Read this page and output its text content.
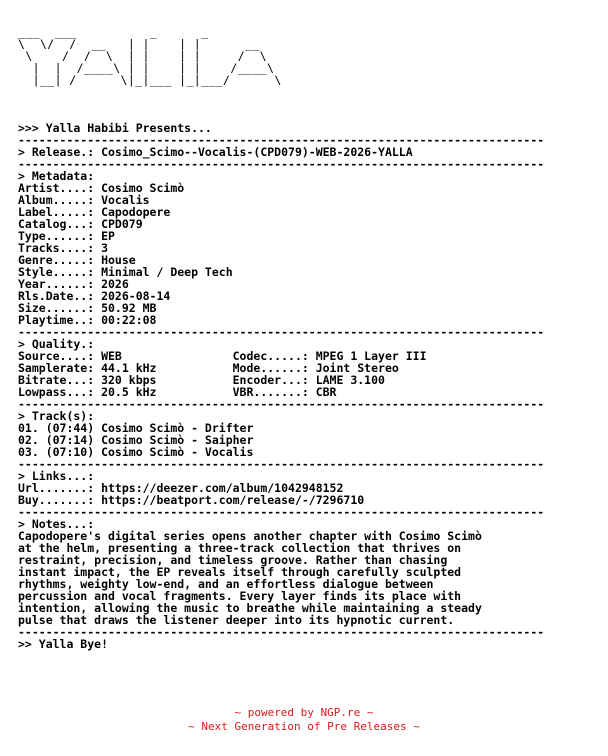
___  ___          _      _
\  \/  /  __   | |    | |      __
\    /  /  \  | |    | |     /  \
|  |  /____\ | |    | |    /____\
|__| /      \|_|___ |_|___/      \
>>> Yalla Habibi Presents...
----------------------------------------------------------------------------
> Release.: Cosimo_Scimo--Vocalis-(CPD079)-WEB-2026-YALLA
----------------------------------------------------------------------------
> Metadata:
Artist....: Cosimo Scimò
Album.....: Vocalis
Label.....: Capodopere
Catalog...: CPD079
Type......: EP
Tracks....: 3
Genre.....: House
Style.....: Minimal / Deep Tech
Year......: 2026
Rls.Date..: 2026-08-14
Size......: 50.92 MB
Playtime..: 00:22:08
----------------------------------------------------------------------------
> Quality.:
Source....: WEB                Codec.....: MPEG 1 Layer III
Samplerate: 44.1 kHz           Mode......: Joint Stereo
Bitrate...: 320 kbps           Encoder...: LAME 3.100
Lowpass...: 20.5 kHz           VBR.......: CBR
----------------------------------------------------------------------------
> Track(s):
01. (07:44) Cosimo Scimò - Drifter
02. (07:14) Cosimo Scimò - Saipher
03. (07:10) Cosimo Scimò - Vocalis
----------------------------------------------------------------------------
> Links...:
Url.......: https://deezer.com/album/1042948152
Buy.......: https://beatport.com/release/-/7296710
----------------------------------------------------------------------------
> Notes...:
Capodopere's digital series opens another chapter with Cosimo Scimò
at the helm, presenting a three-track collection that thrives on
restraint, precision, and timeless groove. Rather than chasing
instant impact, the EP reveals itself through carefully sculpted
rhythms, weighty low-end, and an effortless dialogue between
percussion and vocal fragments. Every layer finds its place with
intention, allowing the music to breathe while maintaining a steady
pulse that draws the listener deeper into its hypnotic current.
----------------------------------------------------------------------------
>> Yalla Bye!
~ powered by NGP.re ~
~ Next Generation of Pre Releases ~
